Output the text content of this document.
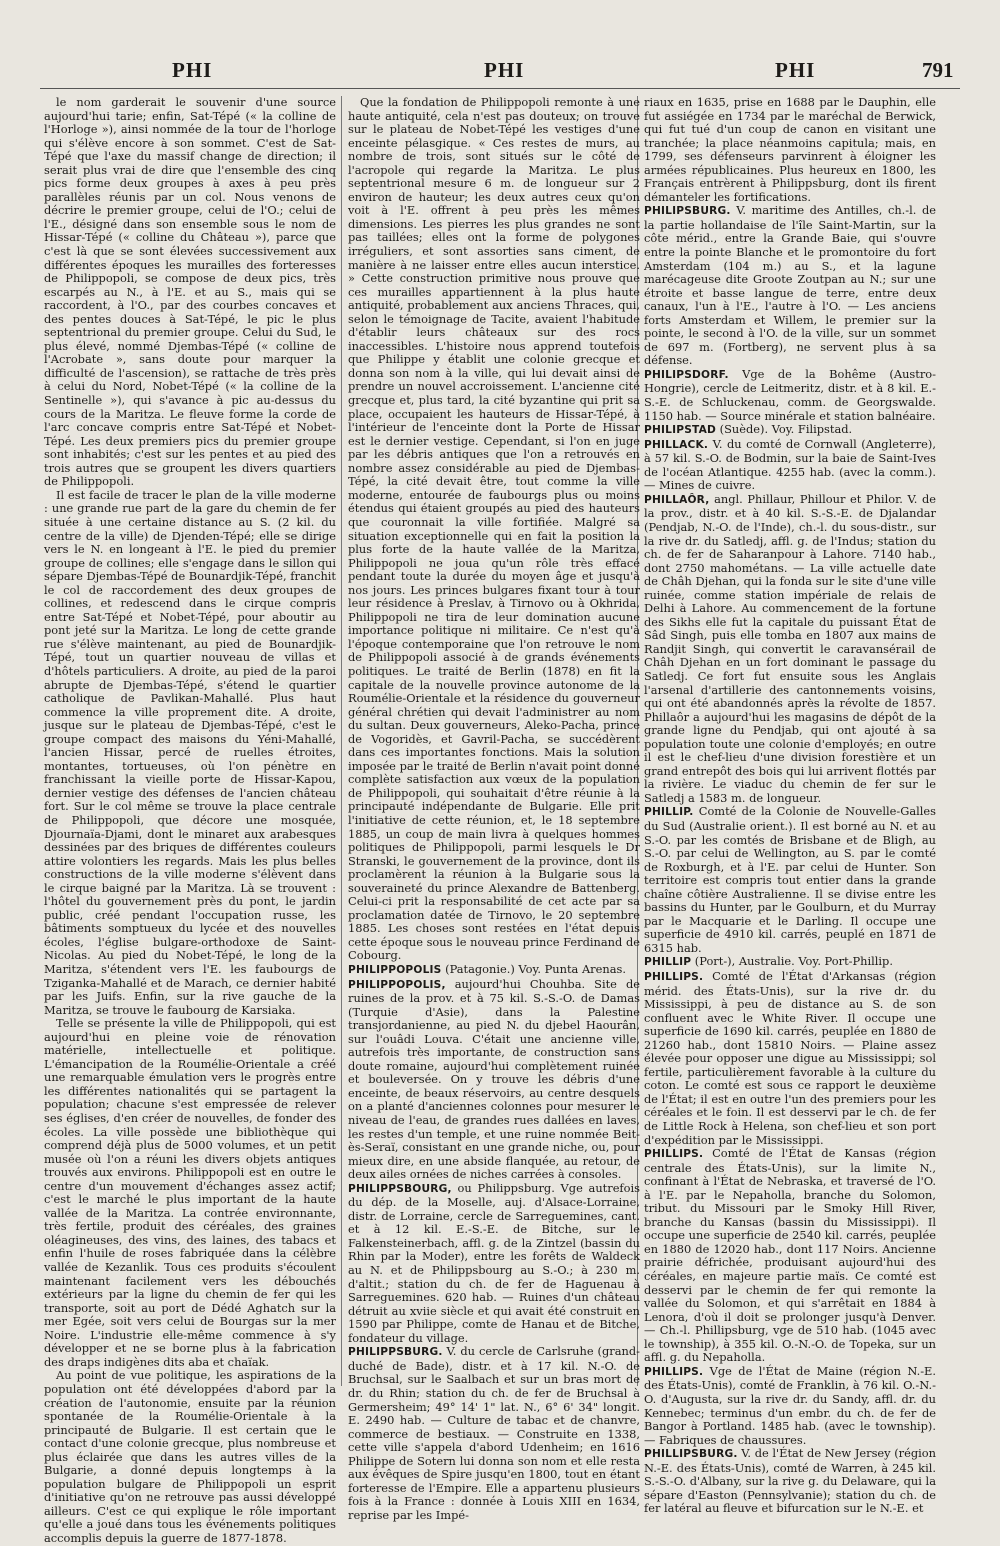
PHI	PHI	PHI	791

le nom garderait le souvenir d'une source aujourd'hui tarie; enfin, Sat-Tépé (« la colline de l'Horloge »), ainsi nommée de la tour de l'horloge qui s'élève encore à son sommet. C'est de Sat-Tépé que l'axe du massif change de direction; il serait plus vrai de dire que l'ensemble des cinq pics forme deux groupes à axes à peu près parallèles réunis par un col. Nous venons de décrire le premier groupe, celui de l'O.; celui de l'E., désigné dans son ensemble sous le nom de Hissar-Tépé (« colline du Château »), parce que c'est là que se sont élevées successivement aux différentes époques les murailles des forteresses de Philippopoli, se compose de deux pics, très escarpés au N., à l'E. et au S., mais qui se raccordent, à l'O., par des courbes concaves et des pentes douces à Sat-Tépé, le pic le plus septentrional du premier groupe. Celui du Sud, le plus élevé, nommé Djembas-Tépé (« colline de l'Acrobate », sans doute pour marquer la difficulté de l'ascension), se rattache de très près à celui du Nord, Nobet-Tépé (« la colline de la Sentinelle »), qui s'avance à pic au-dessus du cours de la Maritza. Le fleuve forme la corde de l'arc concave compris entre Sat-Tépé et Nobet-Tépé. Les deux premiers pics du premier groupe sont inhabités; c'est sur les pentes et au pied des trois autres que se groupent les divers quartiers de Philippopoli.

Il est facile de tracer le plan de la ville moderne : une grande rue part de la gare du chemin de fer située à une certaine distance au S. (2 kil. du centre de la ville) de Djenden-Tépé; elle se dirige vers le N. en longeant à l'E. le pied du premier groupe de collines; elle s'engage dans le sillon qui sépare Djembas-Tépé de Bounardjik-Tépé, franchit le col de raccordement des deux groupes de collines, et redescend dans le cirque compris entre Sat-Tépé et Nobet-Tépé, pour aboutir au pont jeté sur la Maritza. Le long de cette grande rue s'élève maintenant, au pied de Bounardjik-Tépé, tout un quartier nouveau de villas et d'hôtels particuliers. A droite, au pied de la paroi abrupte de Djembas-Tépé, s'étend le quartier catholique de Pavlikan-Mahallé. Plus haut commence la ville proprement dite. A droite, jusque sur le plateau de Djembas-Tépé, c'est le groupe compact des maisons du Yéni-Mahallé, l'ancien Hissar, percé de ruelles étroites, montantes, tortueuses, où l'on pénètre en franchissant la vieille porte de Hissar-Kapou, dernier vestige des défenses de l'ancien château fort. Sur le col même se trouve la place centrale de Philippopoli, que décore une mosquée, Djournaïa-Djami, dont le minaret aux arabesques dessinées par des briques de différentes couleurs attire volontiers les regards. Mais les plus belles constructions de la ville moderne s'élèvent dans le cirque baigné par la Maritza. Là se trouvent : l'hôtel du gouvernement près du pont, le jardin public, créé pendant l'occupation russe, les bâtiments somptueux du lycée et des nouvelles écoles, l'église bulgare-orthodoxe de Saint-Nicolas. Au pied du Nobet-Tépé, le long de la Maritza, s'étendent vers l'E. les faubourgs de Tziganka-Mahallé et de Marach, ce dernier habité par les Juifs. Enfin, sur la rive gauche de la Maritza, se trouve le faubourg de Karsiaka.

Telle se présente la ville de Philippopoli, qui est aujourd'hui en pleine voie de rénovation matérielle, intellectuelle et politique. L'émancipation de la Roumélie-Orientale a créé une remarquable émulation vers le progrès entre les différentes nationalités qui se partagent la population; chacune s'est empressée de relever ses églises, d'en créer de nouvelles, de fonder des écoles. La ville possède une bibliothèque qui comprend déjà plus de 5000 volumes, et un petit musée où l'on a réuni les divers objets antiques trouvés aux environs. Philippopoli est en outre le centre d'un mouvement d'échanges assez actif; c'est le marché le plus important de la haute vallée de la Maritza. La contrée environnante, très fertile, produit des céréales, des graines oléagineuses, des vins, des laines, des tabacs et enfin l'huile de roses fabriquée dans la célèbre vallée de Kezanlik. Tous ces produits s'écoulent maintenant facilement vers les débouchés extérieurs par la ligne du chemin de fer qui les transporte, soit au port de Dédé Aghatch sur la mer Egée, soit vers celui de Bourgas sur la mer Noire. L'industrie elle-même commence à s'y développer et ne se borne plus à la fabrication des draps indigènes dits aba et chaïak.

Au point de vue politique, les aspirations de la population ont été développées d'abord par la création de l'autonomie, ensuite par la réunion spontanée de la Roumélie-Orientale à la principauté de Bulgarie. Il est certain que le contact d'une colonie grecque, plus nombreuse et plus éclairée que dans les autres villes de la Bulgarie, a donné depuis longtemps à la population bulgare de Philippopoli un esprit d'initiative qu'on ne retrouve pas aussi développé ailleurs. C'est ce qui explique le rôle important qu'elle a joué dans tous les événements politiques accomplis depuis la guerre de 1877-1878.

Que la fondation de Philippopoli remonte à une haute antiquité, cela n'est pas douteux; on trouve sur le plateau de Nobet-Tépé les vestiges d'une enceinte pélasgique. « Ces restes de murs, au nombre de trois, sont situés sur le côté de l'acropole qui regarde la Maritza. Le plus septentrional mesure 6 m. de longueur sur 2 environ de hauteur; les deux autres ceux qu'on voit à l'E. offrent à peu près les mêmes dimensions. Les pierres les plus grandes ne sont pas taillées; elles ont la forme de polygones irréguliers, et sont assorties sans ciment, de manière à ne laisser entre elles aucun interstice. » Cette construction primitive nous prouve que ces murailles appartiennent à la plus haute antiquité, probablement aux anciens Thraces, qui, selon le témoignage de Tacite, avaient l'habitude d'établir leurs châteaux sur des rocs inaccessibles. L'histoire nous apprend toutefois que Philippe y établit une colonie grecque et donna son nom à la ville, qui lui devait ainsi de prendre un nouvel accroissement. L'ancienne cité grecque et, plus tard, la cité byzantine qui prit sa place, occupaient les hauteurs de Hissar-Tépé, à l'intérieur de l'enceinte dont la Porte de Hissar est le dernier vestige. Cependant, si l'on en juge par les débris antiques que l'on a retrouvés en nombre assez considérable au pied de Djembas-Tépé, la cité devait être, tout comme la ville moderne, entourée de faubourgs plus ou moins étendus qui étaient groupés au pied des hauteurs que couronnait la ville fortifiée. Malgré sa situation exceptionnelle qui en fait la position la plus forte de la haute vallée de la Maritza, Philippopoli ne joua qu'un rôle très effacé pendant toute la durée du moyen âge et jusqu'à nos jours. Les princes bulgares fixant tour à tour leur résidence à Preslav, à Tirnovo ou à Okhrida, Philippopoli ne tira de leur domination aucune importance politique ni militaire. Ce n'est qu'à l'époque contemporaine que l'on retrouve le nom de Philippopoli associé à de grands événements politiques. Le traité de Berlin (1878) en fit la capitale de la nouvelle province autonome de la Roumélie-Orientale et la résidence du gouverneur général chrétien qui devait l'administrer au nom du sultan. Deux gouverneurs, Aleko-Pacha, prince de Vogoridès, et Gavril-Pacha, se succédèrent dans ces importantes fonctions. Mais la solution imposée par le traité de Berlin n'avait point donné complète satisfaction aux vœux de la population de Philippopoli, qui souhaitait d'être réunie à la principauté indépendante de Bulgarie. Elle prit l'initiative de cette réunion, et, le 18 septembre 1885, un coup de main livra à quelques hommes politiques de Philippopoli, parmi lesquels le Dr Stranski, le gouvernement de la province, dont ils proclamèrent la réunion à la Bulgarie sous la souveraineté du prince Alexandre de Battenberg. Celui-ci prit la responsabilité de cet acte par sa proclamation datée de Tirnovo, le 20 septembre 1885. Les choses sont restées en l'état depuis cette époque sous le nouveau prince Ferdinand de Cobourg.

PHILIPPOPOLIS (Patagonie.) Voy. Punta Arenas.

PHILIPPOPOLIS, aujourd'hui Chouhba. Site de ruines de la prov. et à 75 kil. S.-S.-O. de Damas (Turquie d'Asie), dans la Palestine transjordanienne, au pied N. du djebel Haourân, sur l'ouâdi Louva. C'était une ancienne ville, autrefois très importante, de construction sans doute romaine, aujourd'hui complètement ruinée et bouleversée. On y trouve les débris d'une enceinte, de beaux réservoirs, au centre desquels on a planté d'anciennes colonnes pour mesurer le niveau de l'eau, de grandes rues dallées en laves, les restes d'un temple, et une ruine nommée Beit-ès-Seraï, consistant en une grande niche, ou, pour mieux dire, en une abside flanquée, au retour, de deux ailes ornées de niches carrées à consoles.

PHILIPPSBOURG, ou Philippsburg. Vge autrefois du dép. de la Moselle, auj. d'Alsace-Lorraine, distr. de Lorraine, cercle de Sarreguemines, cant. et à 12 kil. E.-S.-E. de Bitche, sur le Falkensteinerbach, affl. g. de la Zintzel (bassin du Rhin par la Moder), entre les forêts de Waldeck au N. et de Philippsbourg au S.-O.; à 230 m. d'altit.; station du ch. de fer de Haguenau à Sarreguemines. 620 hab. — Ruines d'un château détruit au xviie siècle et qui avait été construit en 1590 par Philippe, comte de Hanau et de Bitche, fondateur du village.

PHILIPPSBURG. V. du cercle de Carlsruhe (grand-duché de Bade), distr. et à 17 kil. N.-O. de Bruchsal, sur le Saalbach et sur un bras mort de dr. du Rhin; station du ch. de fer de Bruchsal à Germersheim; 49° 14' 1" lat. N., 6° 6' 34" longit. E. 2490 hab. — Culture de tabac et de chanvre, commerce de bestiaux. — Construite en 1338, cette ville s'appela d'abord Udenheim; en 1616 Philippe de Sotern lui donna son nom et elle resta aux évêques de Spire jusqu'en 1800, tout en étant forteresse de l'Empire. Elle a appartenu plusieurs fois à la France : donnée à Louis XIII en 1634, reprise par les Impé-

riaux en 1635, prise en 1688 par le Dauphin, elle fut assiégée en 1734 par le maréchal de Berwick, qui fut tué d'un coup de canon en visitant une tranchée; la place néanmoins capitula; mais, en 1799, ses défenseurs parvinrent à éloigner les armées républicaines. Plus heureux en 1800, les Français entrèrent à Philippsburg, dont ils firent démanteler les fortifications.

PHILIPSBURG. V. maritime des Antilles, ch.-l. de la partie hollandaise de l'île Saint-Martin, sur la côte mérid., entre la Grande Baie, qui s'ouvre entre la pointe Blanche et le promontoire du fort Amsterdam (104 m.) au S., et la lagune marécageuse dite Groote Zoutpan au N.; sur une étroite et basse langue de terre, entre deux canaux, l'un à l'E., l'autre à l'O. — Les anciens forts Amsterdam et Willem, le premier sur la pointe, le second à l'O. de la ville, sur un sommet de 697 m. (Fortberg), ne servent plus à sa défense.

PHILIPSDORF. Vge de la Bohême (Austro-Hongrie), cercle de Leitmeritz, distr. et à 8 kil. E.-S.-E. de Schluckenau, comm. de Georgswalde. 1150 hab. — Source minérale et station balnéaire.

PHILIPSTAD (Suède). Voy. Filipstad.

PHILLACK. V. du comté de Cornwall (Angleterre), à 57 kil. S.-O. de Bodmin, sur la baie de Saint-Ives de l'océan Atlantique. 4255 hab. (avec la comm.). — Mines de cuivre.

PHILLAÔR, angl. Phillaur, Phillour et Philor. V. de la prov., distr. et à 40 kil. S.-S.-E. de Djalandar (Pendjab, N.-O. de l'Inde), ch.-l. du sous-distr., sur la rive dr. du Satledj, affl. g. de l'Indus; station du ch. de fer de Saharanpour à Lahore. 7140 hab., dont 2750 mahométans. — La ville actuelle date de Châh Djehan, qui la fonda sur le site d'une ville ruinée, comme station impériale de relais de Delhi à Lahore. Au commencement de la fortune des Sikhs elle fut la capitale du puissant État de Sâd Singh, puis elle tomba en 1807 aux mains de Randjit Singh, qui convertit le caravansérail de Châh Djehan en un fort dominant le passage du Satledj. Ce fort fut ensuite sous les Anglais l'arsenal d'artillerie des cantonnements voisins, qui ont été abandonnés après la révolte de 1857. Phillaôr a aujourd'hui les magasins de dépôt de la grande ligne du Pendjab, qui ont ajouté à sa population toute une colonie d'employés; en outre il est le chef-lieu d'une division forestière et un grand entrepôt des bois qui lui arrivent flottés par la rivière. Le viaduc du chemin de fer sur le Satledj a 1583 m. de longueur.

PHILLIP. Comté de la Colonie de Nouvelle-Galles du Sud (Australie orient.). Il est borné au N. et au S.-O. par les comtés de Brisbane et de Bligh, au S.-O. par celui de Wellington, au S. par le comté de Roxburgh, et à l'E. par celui de Hunter. Son territoire est compris tout entier dans la grande chaîne côtière Australienne. Il se divise entre les bassins du Hunter, par le Goulburn, et du Murray par le Macquarie et le Darling. Il occupe une superficie de 4910 kil. carrés, peuplé en 1871 de 6315 hab.

PHILLIP (Port-), Australie. Voy. Port-Phillip.

PHILLIPS. Comté de l'État d'Arkansas (région mérid. des États-Unis), sur la rive dr. du Mississippi, à peu de distance au S. de son confluent avec le White River. Il occupe une superficie de 1690 kil. carrés, peuplée en 1880 de 21260 hab., dont 15810 Noirs. — Plaine assez élevée pour opposer une digue au Mississippi; sol fertile, particulièrement favorable à la culture du coton. Le comté est sous ce rapport le deuxième de l'État; il est en outre l'un des premiers pour les céréales et le foin. Il est desservi par le ch. de fer de Little Rock à Helena, son chef-lieu et son port d'expédition par le Mississippi.

PHILLIPS. Comté de l'État de Kansas (région centrale des États-Unis), sur la limite N., confinant à l'État de Nebraska, et traversé de l'O. à l'E. par le Nepaholla, branche du Solomon, tribut. du Missouri par le Smoky Hill River, branche du Kansas (bassin du Mississippi). Il occupe une superficie de 2540 kil. carrés, peuplée en 1880 de 12020 hab., dont 117 Noirs. Ancienne prairie défrichée, produisant aujourd'hui des céréales, en majeure partie maïs. Ce comté est desservi par le chemin de fer qui remonte la vallée du Solomon, et qui s'arrêtait en 1884 à Lenora, d'où il doit se prolonger jusqu'à Denver. — Ch.-l. Phillipsburg, vge de 510 hab. (1045 avec le township), à 355 kil. O.-N.-O. de Topeka, sur un affl. g. du Nepaholla.

PHILLIPS. Vge de l'État de Maine (région N.-E. des États-Unis), comté de Franklin, à 76 kil. O.-N.-O. d'Augusta, sur la rive dr. du Sandy, affl. dr. du Kennebec; terminus d'un embr. du ch. de fer de Bangor à Portland. 1485 hab. (avec le township). — Fabriques de chaussures.

PHILLIPSBURG. V. de l'État de New Jersey (région N.-E. des États-Unis), comté de Warren, à 245 kil. S.-S.-O. d'Albany, sur la rive g. du Delaware, qui la sépare d'Easton (Pennsylvanie); station du ch. de fer latéral au fleuve et bifurcation sur le N.-E. et
